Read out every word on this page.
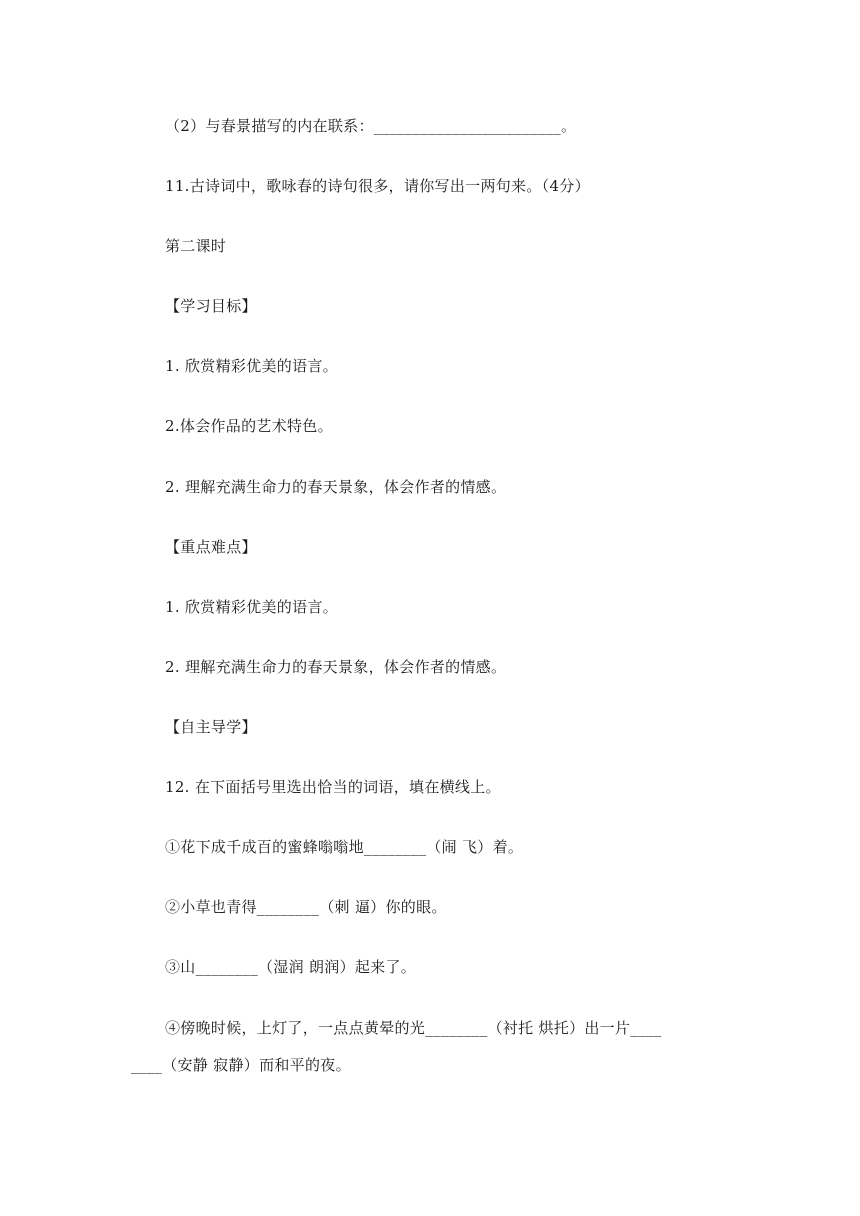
（2）与春景描写的内在联系：________________________。
11.古诗词中，歌咏春的诗句很多，请你写出一两句来。（4分）
第二课时
【学习目标】
1. 欣赏精彩优美的语言。
2.体会作品的艺术特色。
2. 理解充满生命力的春天景象，体会作者的情感。
【重点难点】
1. 欣赏精彩优美的语言。
2. 理解充满生命力的春天景象，体会作者的情感。
【自主导学】
12. 在下面括号里选出恰当的词语，填在横线上。
①花下成千成百的蜜蜂嗡嗡地________（闹 飞）着。
②小草也青得________（刺 逼）你的眼。
③山________（湿润 朗润）起来了。
④傍晚时候，上灯了，一点点黄晕的光________（衬托 烘托）出一片____
____（安静 寂静）而和平的夜。
